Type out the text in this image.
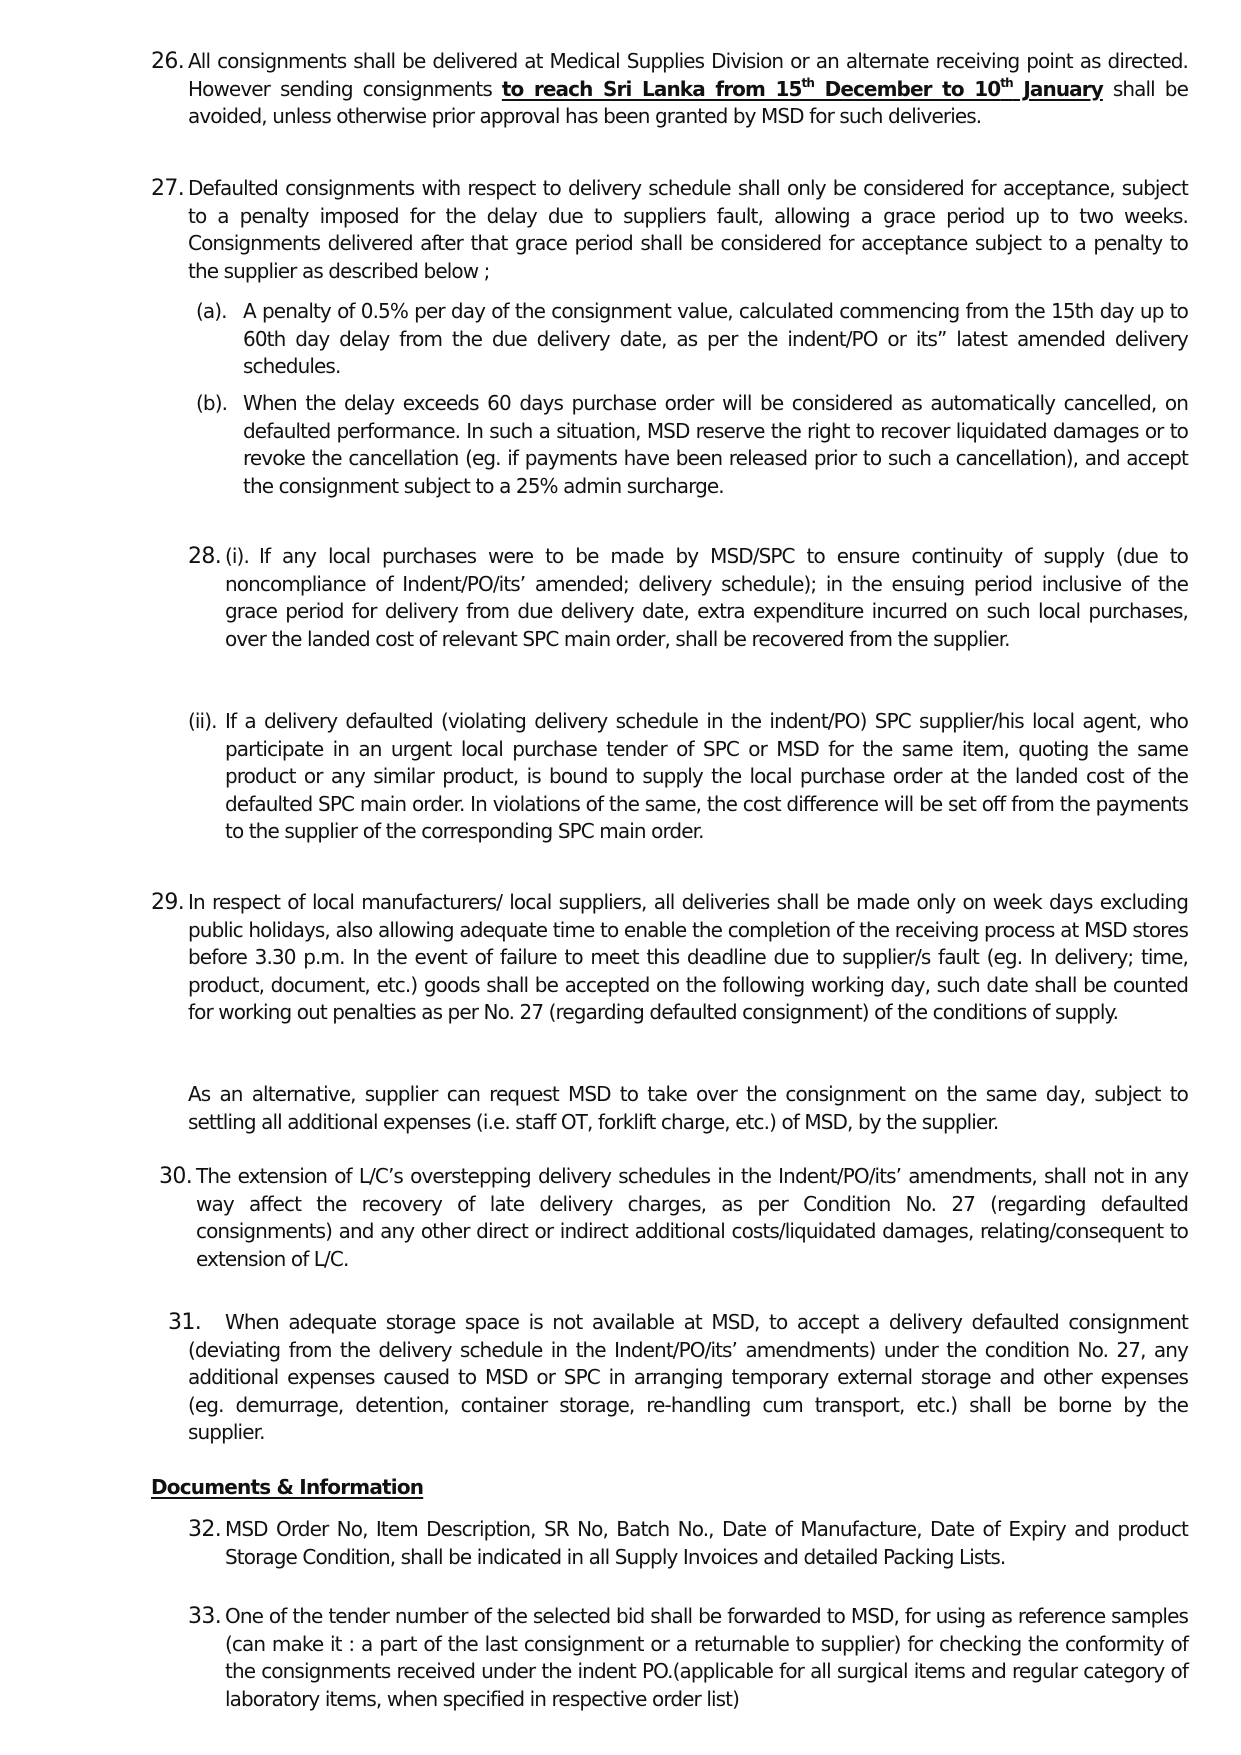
26. All consignments shall be delivered at Medical Supplies Division or an alternate receiving point as directed. However sending consignments to reach Sri Lanka from 15th December to 10th January shall be avoided, unless otherwise prior approval has been granted by MSD for such deliveries.
27. Defaulted consignments with respect to delivery schedule shall only be considered for acceptance, subject to a penalty imposed for the delay due to suppliers fault, allowing a grace period up to two weeks. Consignments delivered after that grace period shall be considered for acceptance subject to a penalty to the supplier as described below ;
(a). A penalty of 0.5% per day of the consignment value, calculated commencing from the 15th day up to 60th day delay from the due delivery date, as per the indent/PO or its” latest amended delivery schedules.
(b). When the delay exceeds 60 days purchase order will be considered as automatically cancelled, on defaulted performance. In such a situation, MSD reserve the right to recover liquidated damages or to revoke the cancellation (eg. if payments have been released prior to such a cancellation), and accept the consignment subject to a 25% admin surcharge.
28. (i). If any local purchases were to be made by MSD/SPC to ensure continuity of supply (due to noncompliance of Indent/PO/its’ amended; delivery schedule); in the ensuing period inclusive of the grace period for delivery from due delivery date, extra expenditure incurred on such local purchases, over the landed cost of relevant SPC main order, shall be recovered from the supplier.
(ii). If a delivery defaulted (violating delivery schedule in the indent/PO) SPC supplier/his local agent, who participate in an urgent local purchase tender of SPC or MSD for the same item, quoting the same product or any similar product, is bound to supply the local purchase order at the landed cost of the defaulted SPC main order. In violations of the same, the cost difference will be set off from the payments to the supplier of the corresponding SPC main order.
29. In respect of local manufacturers/ local suppliers, all deliveries shall be made only on week days excluding public holidays, also allowing adequate time to enable the completion of the receiving process at MSD stores before 3.30 p.m. In the event of failure to meet this deadline due to supplier/s fault (eg. In delivery; time, product, document, etc.) goods shall be accepted on the following working day, such date shall be counted for working out penalties as per No. 27 (regarding defaulted consignment) of the conditions of supply.
As an alternative, supplier can request MSD to take over the consignment on the same day, subject to settling all additional expenses (i.e. staff OT, forklift charge, etc.) of MSD, by the supplier.
30. The extension of L/C’s overstepping delivery schedules in the Indent/PO/its’ amendments, shall not in any way affect the recovery of late delivery charges, as per Condition No. 27 (regarding defaulted consignments) and any other direct or indirect additional costs/liquidated damages, relating/consequent to extension of L/C.
31.	When adequate storage space is not available at MSD, to accept a delivery defaulted consignment (deviating from the delivery schedule in the Indent/PO/its’ amendments) under the condition No. 27, any additional expenses caused to MSD or SPC in arranging temporary external storage and other expenses (eg. demurrage, detention, container storage, re-handling cum transport, etc.) shall be borne by the supplier.
Documents & Information
32. MSD Order No, Item Description, SR No, Batch No., Date of Manufacture, Date of Expiry and product Storage Condition, shall be indicated in all Supply Invoices and detailed Packing Lists.
33. One of the tender number of the selected bid shall be forwarded to MSD, for using as reference samples (can make it : a part of the last consignment or a returnable to supplier) for checking the conformity of the consignments received under the indent PO.(applicable for all surgical items and regular category of laboratory items, when specified in respective order list)
